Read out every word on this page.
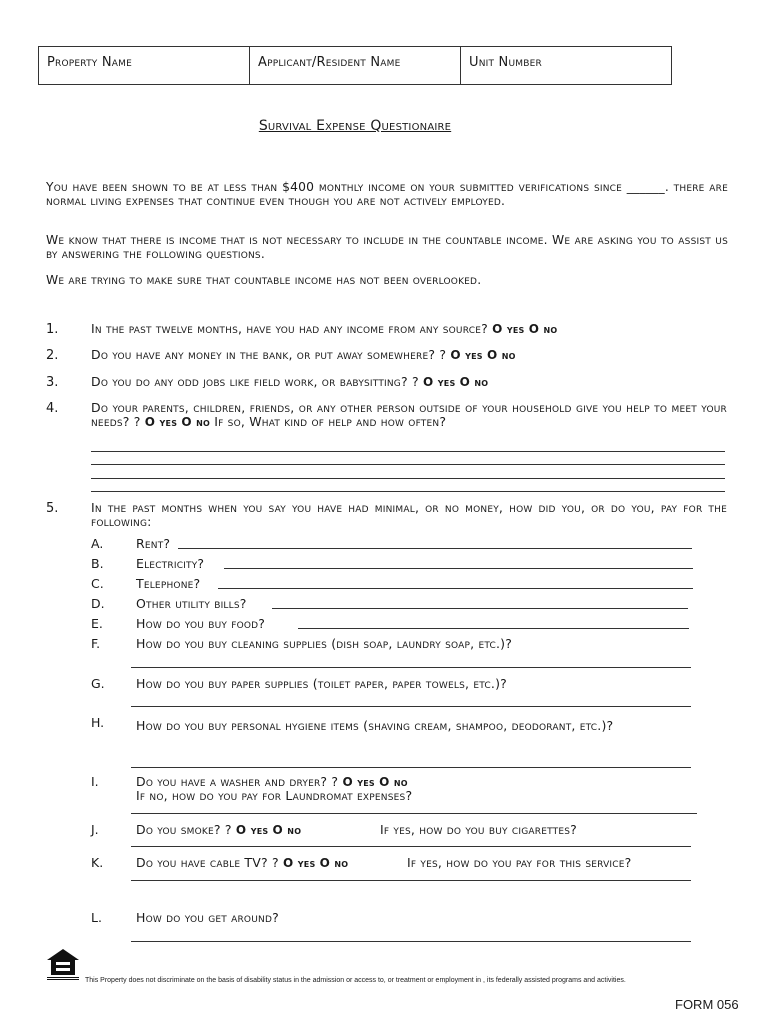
Property Name	Applicant/Resident Name	Unit Number
Survival Expense Questionaire
You have been shown to be at less than $400 monthly income on your submitted verifications since ______. there are normal living expenses that continue even though you are not actively employed.
We know that there is income that is not necessary to include in the countable income. We are asking you to assist us by answering the following questions.
We are trying to make sure that countable income has not been overlooked.
1.	In the past twelve months, have you had any income from any source? O yes O no
2.	Do you have any money in the bank, or put away somewhere? ? O yes O no
3.	Do you do any odd jobs like field work, or babysitting? ? O yes O no
4.	Do your parents, children, friends, or any other person outside of your household give you help to meet your needs? ? O yes O no If so, What kind of help and how often?
5.	In the past months when you say you have had minimal, or no money, how did you, or do you, pay for the following:
A.	Rent?
B.	Electricity?
C.	Telephone?
D.	Other utility bills?
E.	How do you buy food?
F.	How do you buy cleaning supplies (dish soap, laundry soap, etc.)?
G.	How do you buy paper supplies (toilet paper, paper towels, etc.)?
H.	How do you buy personal hygiene items (shaving cream, shampoo, deodorant, etc.)?
I.	Do you have a washer and dryer? ? O yes O no
If no, how do you pay for Laundromat expenses?
J.	Do you smoke? ? O yes O no	If yes, how do you buy cigarettes?
K.	Do you have cable TV? ? O yes O no	If yes, how do you pay for this service?
L.	How do you get around?
This Property does not discriminate on the basis of disability status in the admission or access to, or treatment or employment in , its federally assisted programs and activities.
FORM 056
